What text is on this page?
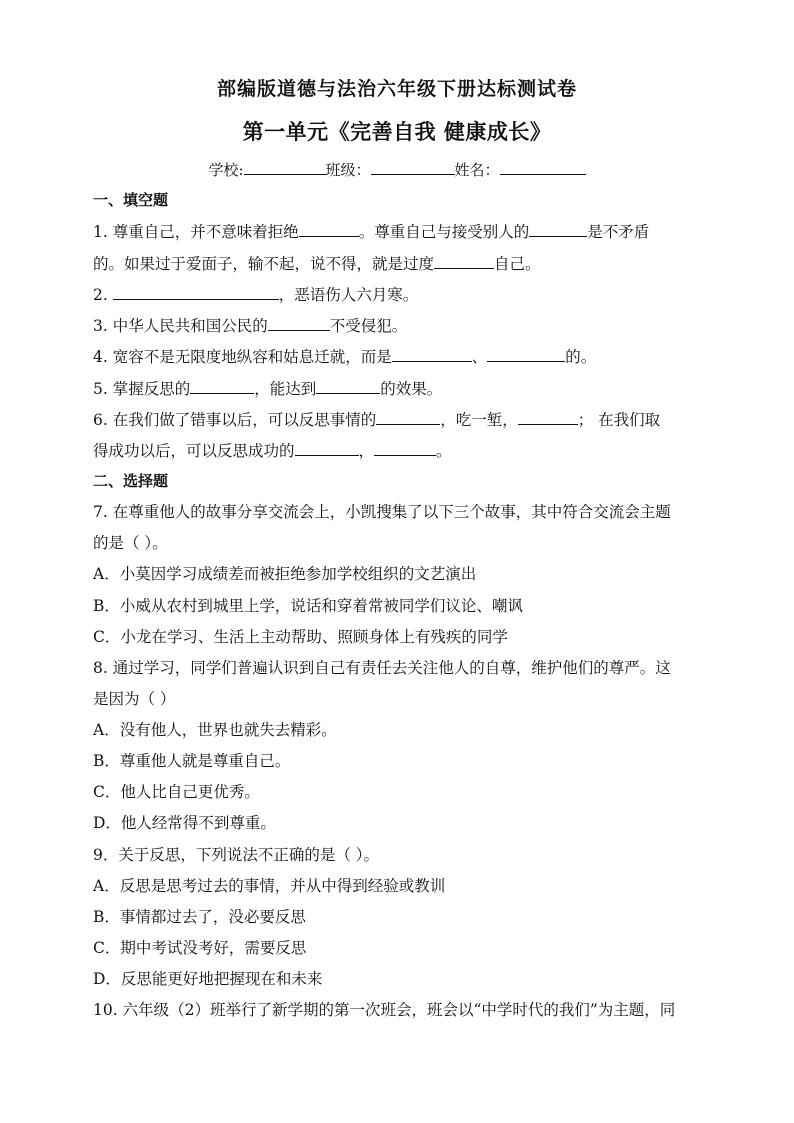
部编版道德与法治六年级下册达标测试卷
第一单元《完善自我 健康成长》
学校:	班级：	姓名：
一、填空题
1. 尊重自己，并不意味着拒绝	。尊重自己与接受别人的	是不矛盾
的。如果过于爱面子，输不起，说不得，就是过度	自己。
2.	，恶语伤人六月寒。
3. 中华人民共和国公民的	不受侵犯。
4. 宽容不是无限度地纵容和姑息迁就，而是	、	的。
5. 掌握反思的	，能达到	的效果。
6. 在我们做了错事以后，可以反思事情的	，吃一堑，	； 在我们取
得成功以后，可以反思成功的	，	。
二、选择题
7. 在尊重他人的故事分享交流会上，小凯搜集了以下三个故事，其中符合交流会主题
的是（ ）。
A．小莫因学习成绩差而被拒绝参加学校组织的文艺演出
B．小威从农村到城里上学，说话和穿着常被同学们议论、嘲讽
C．小龙在学习、生活上主动帮助、照顾身体上有残疾的同学
8. 通过学习，同学们普遍认识到自己有责任去关注他人的自尊，维护他们的尊严。这
是因为（ ）
A．没有他人，世界也就失去精彩。
B．尊重他人就是尊重自己。
C．他人比自己更优秀。
D．他人经常得不到尊重。
9．关于反思，下列说法不正确的是（ ）。
A．反思是思考过去的事情，并从中得到经验或教训
B．事情都过去了，没必要反思
C．期中考试没考好，需要反思
D．反思能更好地把握现在和未来
10. 六年级（2）班举行了新学期的第一次班会，班会以“中学时代的我们”为主题，同
